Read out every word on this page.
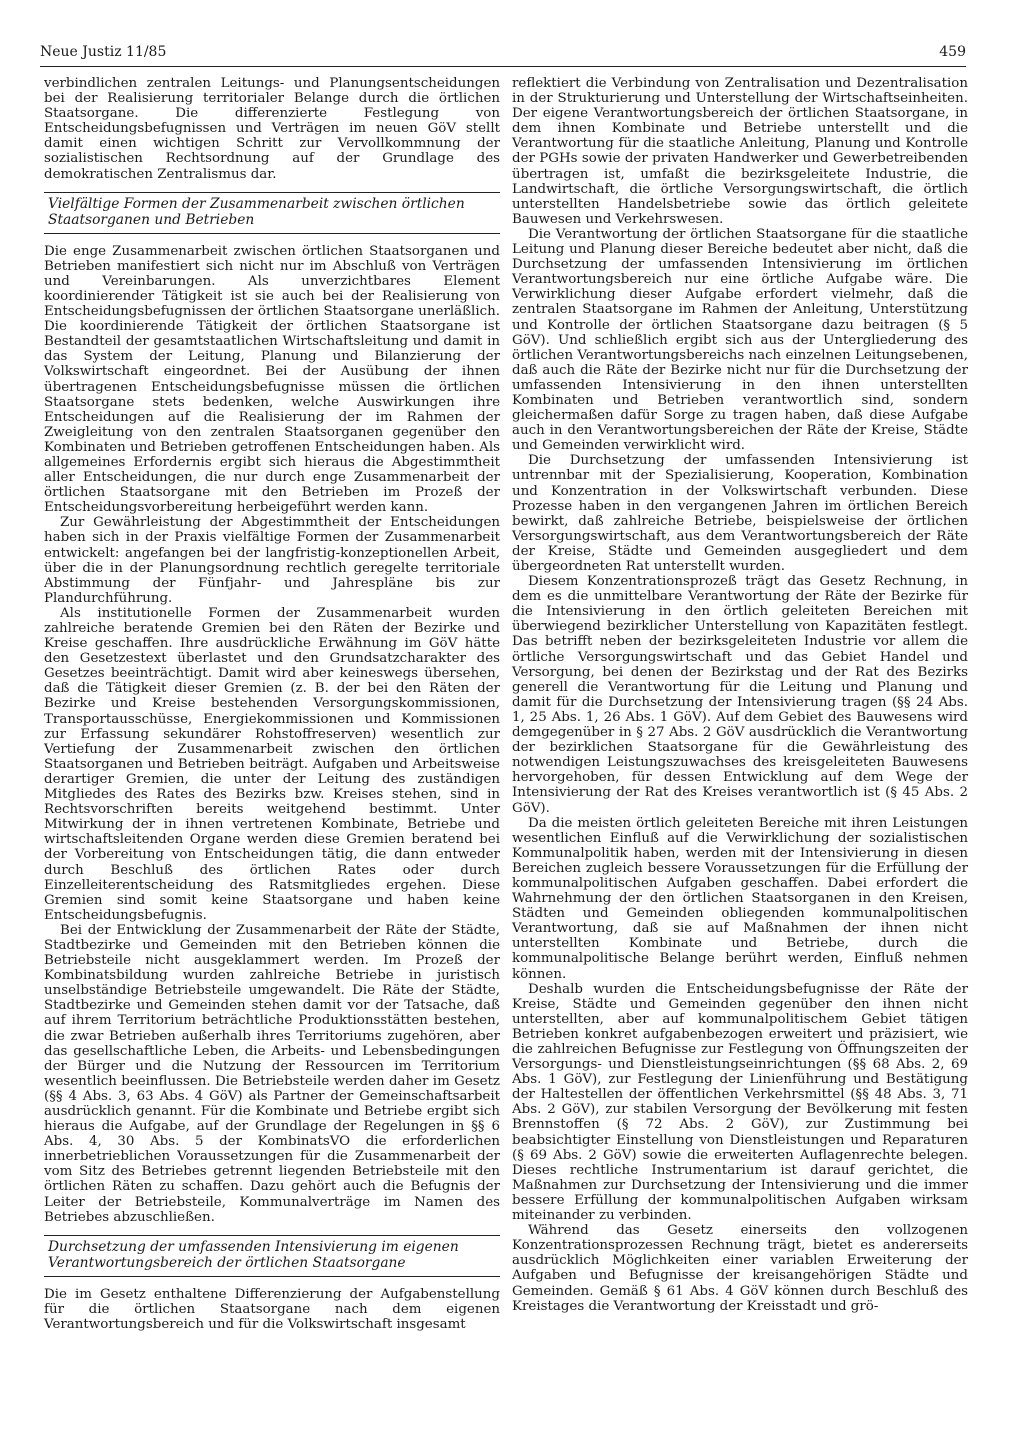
Neue Justiz 11/85	459

verbindlichen zentralen Leitungs- und Planungsentscheidungen bei der Realisierung territorialer Belange durch die örtlichen Staatsorgane. Die differenzierte Festlegung von Entscheidungsbefugnissen und Verträgen im neuen GöV stellt damit einen wichtigen Schritt zur Vervollkommnung der sozialistischen Rechtsordnung auf der Grundlage des demokratischen Zentralismus dar.

Vielfältige Formen der Zusammenarbeit zwischen örtlichen Staatsorganen und Betrieben

Die enge Zusammenarbeit zwischen örtlichen Staatsorganen und Betrieben manifestiert sich nicht nur im Abschluß von Verträgen und Vereinbarungen. Als unverzichtbares Element koordinierender Tätigkeit ist sie auch bei der Realisierung von Entscheidungsbefugnissen der örtlichen Staatsorgane unerläßlich. Die koordinierende Tätigkeit der örtlichen Staatsorgane ist Bestandteil der gesamtstaatlichen Wirtschaftsleitung und damit in das System der Leitung, Planung und Bilanzierung der Volkswirtschaft eingeordnet. Bei der Ausübung der ihnen übertragenen Entscheidungsbefugnisse müssen die örtlichen Staatsorgane stets bedenken, welche Auswirkungen ihre Entscheidungen auf die Realisierung der im Rahmen der Zweigleitung von den zentralen Staatsorganen gegenüber den Kombinaten und Betrieben getroffenen Entscheidungen haben. Als allgemeines Erfordernis ergibt sich hieraus die Abgestimmtheit aller Entscheidungen, die nur durch enge Zusammenarbeit der örtlichen Staatsorgane mit den Betrieben im Prozeß der Entscheidungsvorbereitung herbeigeführt werden kann.

Zur Gewährleistung der Abgestimmtheit der Entscheidungen haben sich in der Praxis vielfältige Formen der Zusammenarbeit entwickelt: angefangen bei der langfristig-konzeptionellen Arbeit, über die in der Planungsordnung rechtlich geregelte territoriale Abstimmung der Fünfjahr- und Jahrespläne bis zur Plandurchführung.

Als institutionelle Formen der Zusammenarbeit wurden zahlreiche beratende Gremien bei den Räten der Bezirke und Kreise geschaffen. Ihre ausdrückliche Erwähnung im GöV hätte den Gesetzestext überlastet und den Grundsatzcharakter des Gesetzes beeinträchtigt. Damit wird aber keineswegs übersehen, daß die Tätigkeit dieser Gremien (z. B. der bei den Räten der Bezirke und Kreise bestehenden Versorgungskommissionen, Transportausschüsse, Energiekommissionen und Kommissionen zur Erfassung sekundärer Rohstoffreserven) wesentlich zur Vertiefung der Zusammenarbeit zwischen den örtlichen Staatsorganen und Betrieben beiträgt. Aufgaben und Arbeitsweise derartiger Gremien, die unter der Leitung des zuständigen Mitgliedes des Rates des Bezirks bzw. Kreises stehen, sind in Rechtsvorschriften bereits weitgehend bestimmt. Unter Mitwirkung der in ihnen vertretenen Kombinate, Betriebe und wirtschaftsleitenden Organe werden diese Gremien beratend bei der Vorbereitung von Entscheidungen tätig, die dann entweder durch Beschluß des örtlichen Rates oder durch Einzelleiterentscheidung des Ratsmitgliedes ergehen. Diese Gremien sind somit keine Staatsorgane und haben keine Entscheidungsbefugnis.

Bei der Entwicklung der Zusammenarbeit der Räte der Städte, Stadtbezirke und Gemeinden mit den Betrieben können die Betriebsteile nicht ausgeklammert werden. Im Prozeß der Kombinatsbildung wurden zahlreiche Betriebe in juristisch unselbständige Betriebsteile umgewandelt. Die Räte der Städte, Stadtbezirke und Gemeinden stehen damit vor der Tatsache, daß auf ihrem Territorium beträchtliche Produktionsstätten bestehen, die zwar Betrieben außerhalb ihres Territoriums zugehören, aber das gesellschaftliche Leben, die Arbeits- und Lebensbedingungen der Bürger und die Nutzung der Ressourcen im Territorium wesentlich beeinflussen. Die Betriebsteile werden daher im Gesetz (§§ 4 Abs. 3, 63 Abs. 4 GöV) als Partner der Gemeinschaftsarbeit ausdrücklich genannt. Für die Kombinate und Betriebe ergibt sich hieraus die Aufgabe, auf der Grundlage der Regelungen in §§ 6 Abs. 4, 30 Abs. 5 der KombinatsVO die erforderlichen innerbetrieblichen Voraussetzungen für die Zusammenarbeit der vom Sitz des Betriebes getrennt liegenden Betriebsteile mit den örtlichen Räten zu schaffen. Dazu gehört auch die Befugnis der Leiter der Betriebsteile, Kommunalverträge im Namen des Betriebes abzuschließen.

Durchsetzung der umfassenden Intensivierung im eigenen Verantwortungsbereich der örtlichen Staatsorgane

Die im Gesetz enthaltene Differenzierung der Aufgabenstellung für die örtlichen Staatsorgane nach dem eigenen Verantwortungsbereich und für die Volkswirtschaft insgesamt

reflektiert die Verbindung von Zentralisation und Dezentralisation in der Strukturierung und Unterstellung der Wirtschaftseinheiten. Der eigene Verantwortungsbereich der örtlichen Staatsorgane, in dem ihnen Kombinate und Betriebe unterstellt und die Verantwortung für die staatliche Anleitung, Planung und Kontrolle der PGHs sowie der privaten Handwerker und Gewerbetreibenden übertragen ist, umfaßt die bezirksgeleitete Industrie, die Landwirtschaft, die örtliche Versorgungswirtschaft, die örtlich unterstellten Handelsbetriebe sowie das örtlich geleitete Bauwesen und Verkehrswesen.

Die Verantwortung der örtlichen Staatsorgane für die staatliche Leitung und Planung dieser Bereiche bedeutet aber nicht, daß die Durchsetzung der umfassenden Intensivierung im örtlichen Verantwortungsbereich nur eine örtliche Aufgabe wäre. Die Verwirklichung dieser Aufgabe erfordert vielmehr, daß die zentralen Staatsorgane im Rahmen der Anleitung, Unterstützung und Kontrolle der örtlichen Staatsorgane dazu beitragen (§ 5 GöV). Und schließlich ergibt sich aus der Untergliederung des örtlichen Verantwortungsbereichs nach einzelnen Leitungsebenen, daß auch die Räte der Bezirke nicht nur für die Durchsetzung der umfassenden Intensivierung in den ihnen unterstellten Kombinaten und Betrieben verantwortlich sind, sondern gleichermaßen dafür Sorge zu tragen haben, daß diese Aufgabe auch in den Verantwortungsbereichen der Räte der Kreise, Städte und Gemeinden verwirklicht wird.

Die Durchsetzung der umfassenden Intensivierung ist untrennbar mit der Spezialisierung, Kooperation, Kombination und Konzentration in der Volkswirtschaft verbunden. Diese Prozesse haben in den vergangenen Jahren im örtlichen Bereich bewirkt, daß zahlreiche Betriebe, beispielsweise der örtlichen Versorgungswirtschaft, aus dem Verantwortungsbereich der Räte der Kreise, Städte und Gemeinden ausgegliedert und dem übergeordneten Rat unterstellt wurden.

Diesem Konzentrationsprozeß trägt das Gesetz Rechnung, in dem es die unmittelbare Verantwortung der Räte der Bezirke für die Intensivierung in den örtlich geleiteten Bereichen mit überwiegend bezirklicher Unterstellung von Kapazitäten festlegt. Das betrifft neben der bezirksgeleiteten Industrie vor allem die örtliche Versorgungswirtschaft und das Gebiet Handel und Versorgung, bei denen der Bezirkstag und der Rat des Bezirks generell die Verantwortung für die Leitung und Planung und damit für die Durchsetzung der Intensivierung tragen (§§ 24 Abs. 1, 25 Abs. 1, 26 Abs. 1 GöV). Auf dem Gebiet des Bauwesens wird demgegenüber in § 27 Abs. 2 GöV ausdrücklich die Verantwortung der bezirklichen Staatsorgane für die Gewährleistung des notwendigen Leistungszuwachses des kreisgeleiteten Bauwesens hervorgehoben, für dessen Entwicklung auf dem Wege der Intensivierung der Rat des Kreises verantwortlich ist (§ 45 Abs. 2 GöV).

Da die meisten örtlich geleiteten Bereiche mit ihren Leistungen wesentlichen Einfluß auf die Verwirklichung der sozialistischen Kommunalpolitik haben, werden mit der Intensivierung in diesen Bereichen zugleich bessere Voraussetzungen für die Erfüllung der kommunalpolitischen Aufgaben geschaffen. Dabei erfordert die Wahrnehmung der den örtlichen Staatsorganen in den Kreisen, Städten und Gemeinden obliegenden kommunalpolitischen Verantwortung, daß sie auf Maßnahmen der ihnen nicht unterstellten Kombinate und Betriebe, durch die kommunalpolitische Belange berührt werden, Einfluß nehmen können.

Deshalb wurden die Entscheidungsbefugnisse der Räte der Kreise, Städte und Gemeinden gegenüber den ihnen nicht unterstellten, aber auf kommunalpolitischem Gebiet tätigen Betrieben konkret aufgabenbezogen erweitert und präzisiert, wie die zahlreichen Befugnisse zur Festlegung von Öffnungszeiten der Versorgungs- und Dienstleistungseinrichtungen (§§ 68 Abs. 2, 69 Abs. 1 GöV), zur Festlegung der Linienführung und Bestätigung der Haltestellen der öffentlichen Verkehrsmittel (§§ 48 Abs. 3, 71 Abs. 2 GöV), zur stabilen Versorgung der Bevölkerung mit festen Brennstoffen (§ 72 Abs. 2 GöV), zur Zustimmung bei beabsichtigter Einstellung von Dienstleistungen und Reparaturen (§ 69 Abs. 2 GöV) sowie die erweiterten Auflagenrechte belegen. Dieses rechtliche Instrumentarium ist darauf gerichtet, die Maßnahmen zur Durchsetzung der Intensivierung und die immer bessere Erfüllung der kommunalpolitischen Aufgaben wirksam miteinander zu verbinden.

Während das Gesetz einerseits den vollzogenen Konzentrationsprozessen Rechnung trägt, bietet es andererseits ausdrücklich Möglichkeiten einer variablen Erweiterung der Aufgaben und Befugnisse der kreisangehörigen Städte und Gemeinden. Gemäß § 61 Abs. 4 GöV können durch Beschluß des Kreistages die Verantwortung der Kreisstadt und grö-
